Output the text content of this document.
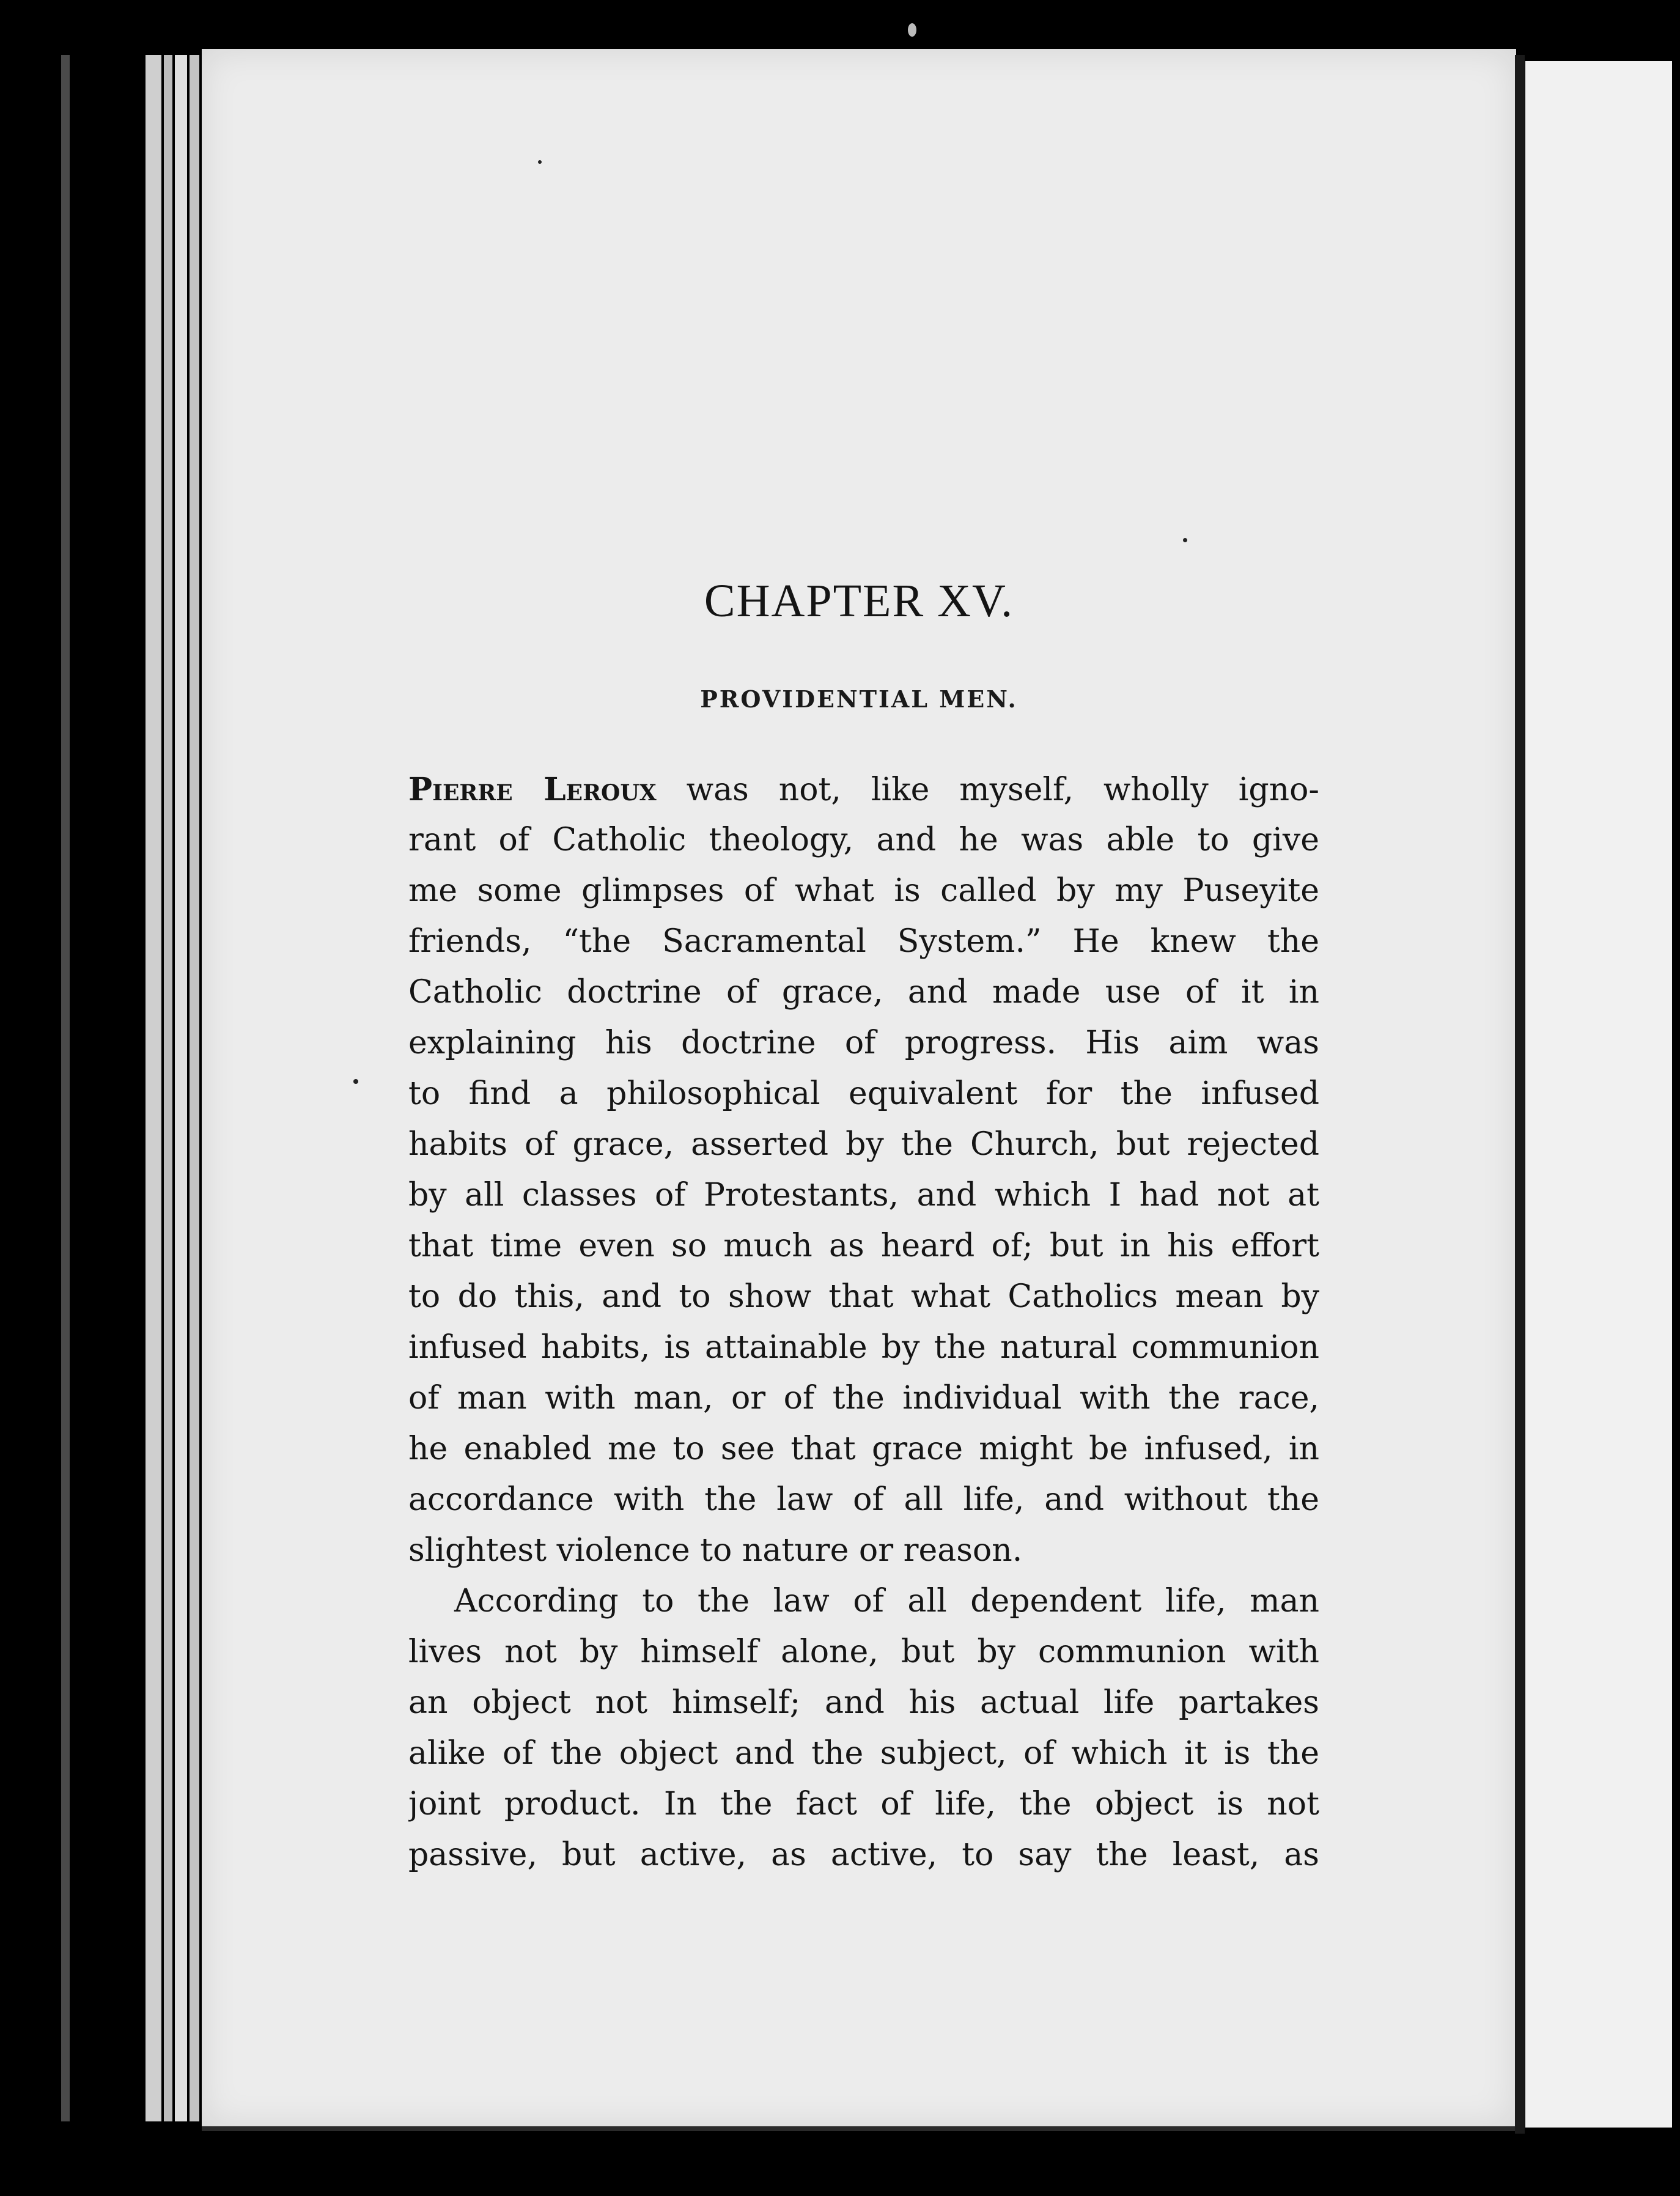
CHAPTER XV.
PROVIDENTIAL MEN.
Pierre Leroux was not, like myself, wholly igno-
rant of Catholic theology, and he was able to give
me some glimpses of what is called by my Puseyite
friends, “the Sacramental System.” He knew the
Catholic doctrine of grace, and made use of it in
explaining his doctrine of progress. His aim was
to find a philosophical equivalent for the infused
habits of grace, asserted by the Church, but rejected
by all classes of Protestants, and which I had not at
that time even so much as heard of; but in his effort
to do this, and to show that what Catholics mean by
infused habits, is attainable by the natural communion
of man with man, or of the individual with the race,
he enabled me to see that grace might be infused, in
accordance with the law of all life, and without the
slightest violence to nature or reason.
According to the law of all dependent life, man
lives not by himself alone, but by communion with
an object not himself; and his actual life partakes
alike of the object and the subject, of which it is the
joint product. In the fact of life, the object is not
passive, but active, as active, to say the least, as
